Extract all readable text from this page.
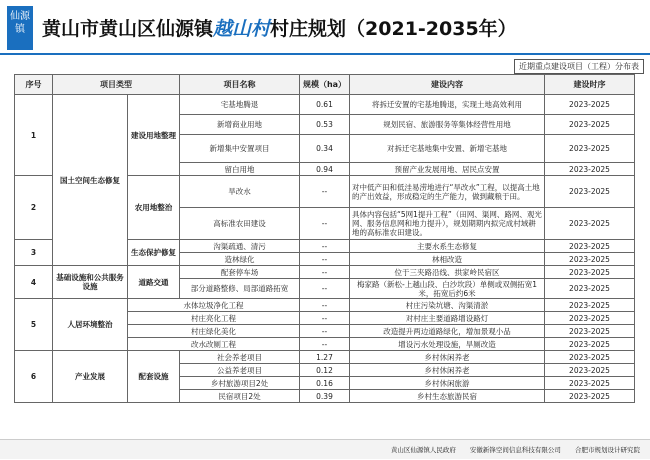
仙源镇 黄山市黄山区仙源镇越山村村庄规划（2021-2035年）
近期重点建设项目（工程）分布表
序号	项目类型		项目名称	规模（ha）	建设内容	建设时序
1	国土空间生态修复	建设用地整理	宅基地腾退	0.61	将拆迁安置的宅基地腾退，实现土地高效利用	2023-2025
			新增商业用地	0.53	规划民宿、旅游服务等集体经营性用地	2023-2025
			新增集中安置项目	0.34	对拆迁宅基地集中安置、新增宅基地	2023-2025
			留白用地	0.94	预留产业发展用地、居民点安置	2023-2025
2		农用地整治	旱改水	--	对中低产田和低洼易涝地进行“旱改水”工程，以提高土地的产出效益，形成稳定的生产能力，做到藏粮于田。	2023-2025
			高标准农田建设	--	具体内容包括“5网1提升工程”（田网、渠网、路网、观光网、服务信息网和地力提升），规划期期内拟完成村域耕地的高标准农田建设。	2023-2025
3		生态保护修复	沟渠疏通、清污	--	主要水系生态修复	2023-2025
			造林绿化	--	林相改造	2023-2025
4	基础设施和公共服务设施	道路交通	配套停车场	--	位于三夹路沿线、拱家岭民宿区	2023-2025
			部分道路整修、局部道路拓宽	--	梅家路（新松-上越山段、白沙坎段）单侧或双侧拓宽1米，拓宽后约6米	2023-2025
5	人居环境整治	水体垃圾净化工程		--	村庄污染坑塘、沟渠清淤	2023-2025
		村庄亮化工程		--	对村庄主要道路增设路灯	2023-2025
		村庄绿化美化		--	改造提升两边道路绿化，增加景观小品	2023-2025
		改水改厕工程		--	增设污水处理设施，旱厕改造	2023-2025
6	产业发展	配套设施	社会养老项目	1.27	乡村休闲养老	2023-2025
			公益养老项目	0.12	乡村休闲养老	2023-2025
			乡村旅游项目2处	0.16	乡村休闲旅游	2023-2025
			民宿项目2处	0.39	乡村生态旅游民宿	2023-2025
黄山区仙源镇人民政府 安徽新锋空间信息科技有限公司 合肥市规划设计研究院
